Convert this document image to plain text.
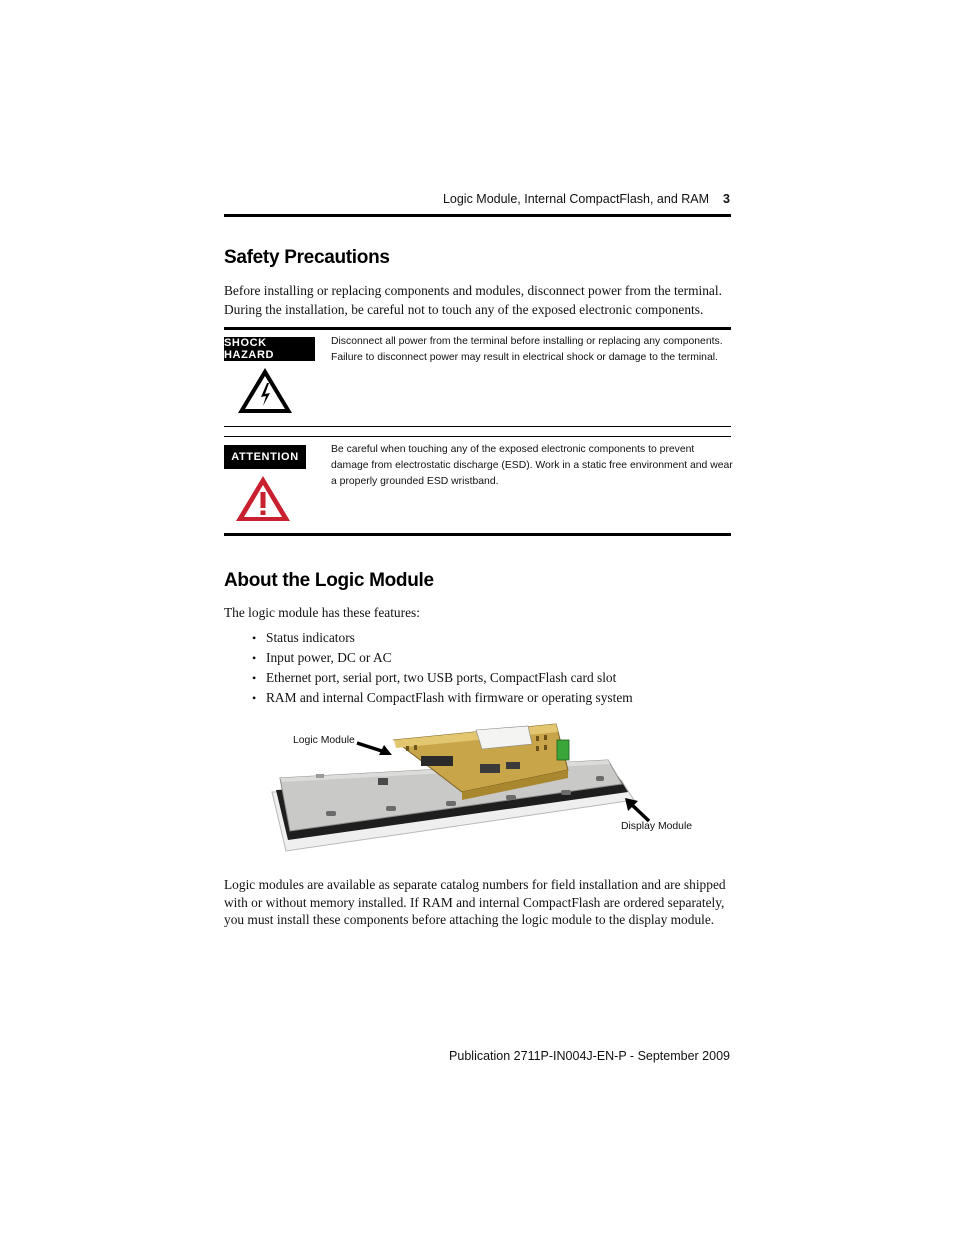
Logic Module, Internal CompactFlash, and RAM 3
Safety Precautions

Before installing or replacing components and modules, disconnect power from the terminal. During the installation, be careful not to touch any of the exposed electronic components.

SHOCK HAZARD
Disconnect all power from the terminal before installing or replacing any components. Failure to disconnect power may result in electrical shock or damage to the terminal.
ATTENTION
Be careful when touching any of the exposed electronic components to prevent damage from electrostatic discharge (ESD). Work in a static free environment and wear a properly grounded ESD wristband.
About the Logic Module

The logic module has these features:

• Status indicators
• Input power, DC or AC
• Ethernet port, serial port, two USB ports, CompactFlash card slot
• RAM and internal CompactFlash with firmware or operating system
Logic Module
Display Module

Logic modules are available as separate catalog numbers for field installation and are shipped with or without memory installed. If RAM and internal CompactFlash are ordered separately, you must install these components before attaching the logic module to the display module.

Publication 2711P-IN004J-EN-P - September 2009
